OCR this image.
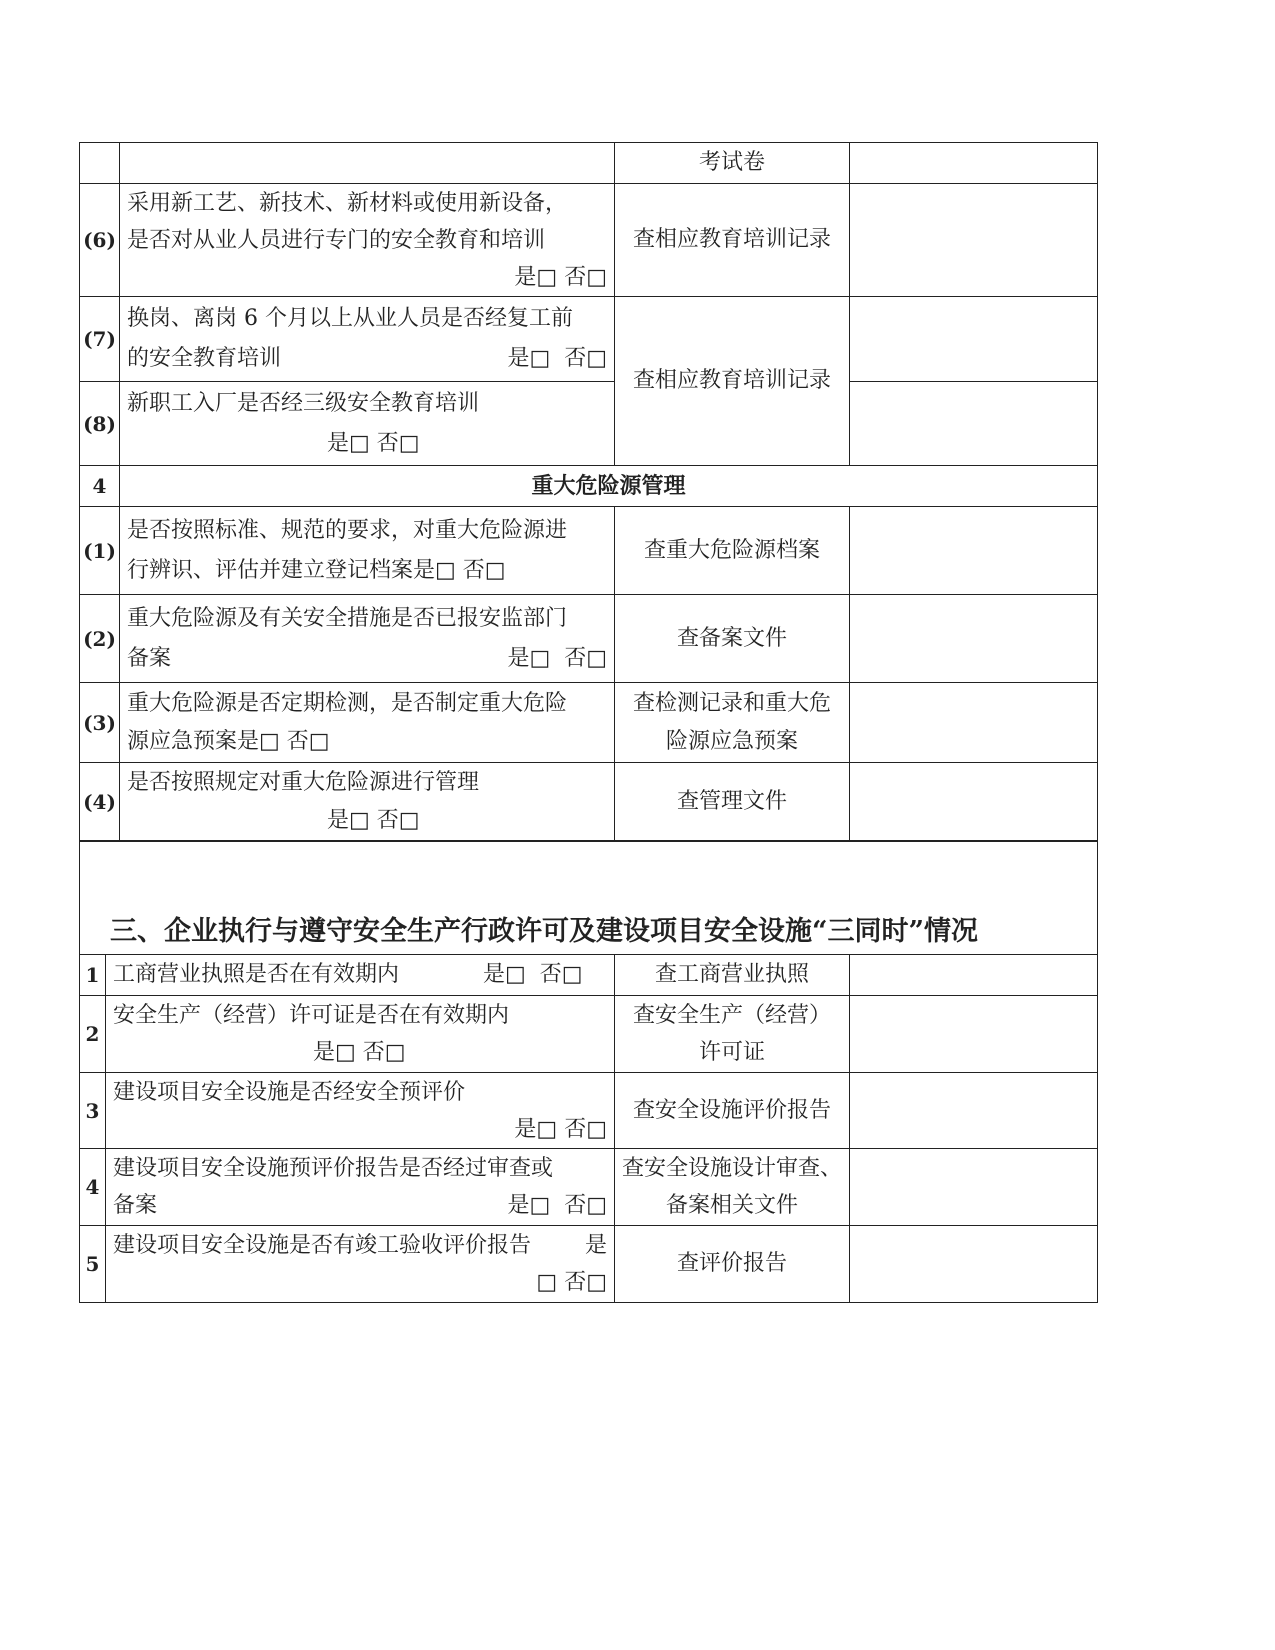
		考试卷	
(6)	采用新工艺、新技术、新材料或使用新设备，
是否对从业人员进行专门的安全教育和培训
是□ 否□	查相应教育培训记录	
(7)	换岗、离岗 6 个月以上从业人员是否经复工前
的安全教育培训 是□  否□	查相应教育培训记录	
(8)	新职工入厂是否经三级安全教育培训
是□ 否□		

4	重大危险源管理		
(1)	是否按照标准、规范的要求，对重大危险源进
行辨识、评估并建立登记档案是□ 否□	查重大危险源档案	
(2)	重大危险源及有关安全措施是否已报安监部门
备案 是□  否□	查备案文件	
(3)	重大危险源是否定期检测，是否制定重大危险
源应急预案是□ 否□	查检测记录和重大危
险源应急预案	

(4)	是否按照规定对重大危险源进行管理
是□ 否□	查管理文件	
三、企业执行与遵守安全生产行政许可及建设项目安全设施“三同时”情况			
1	工商营业执照是否在有效期内 是□  否□	查工商营业执照	
2	安全生产（经营）许可证是否在有效期内
是□ 否□	查安全生产（经营）
许可证	

3	建设项目安全设施是否经安全预评价
是□ 否□	查安全设施评价报告	
4	建设项目安全设施预评价报告是否经过审查或
备案 是□  否□	查安全设施设计审查、
备案相关文件	

5	建设项目安全设施是否有竣工验收评价报告 是
□ 否□	查评价报告	
